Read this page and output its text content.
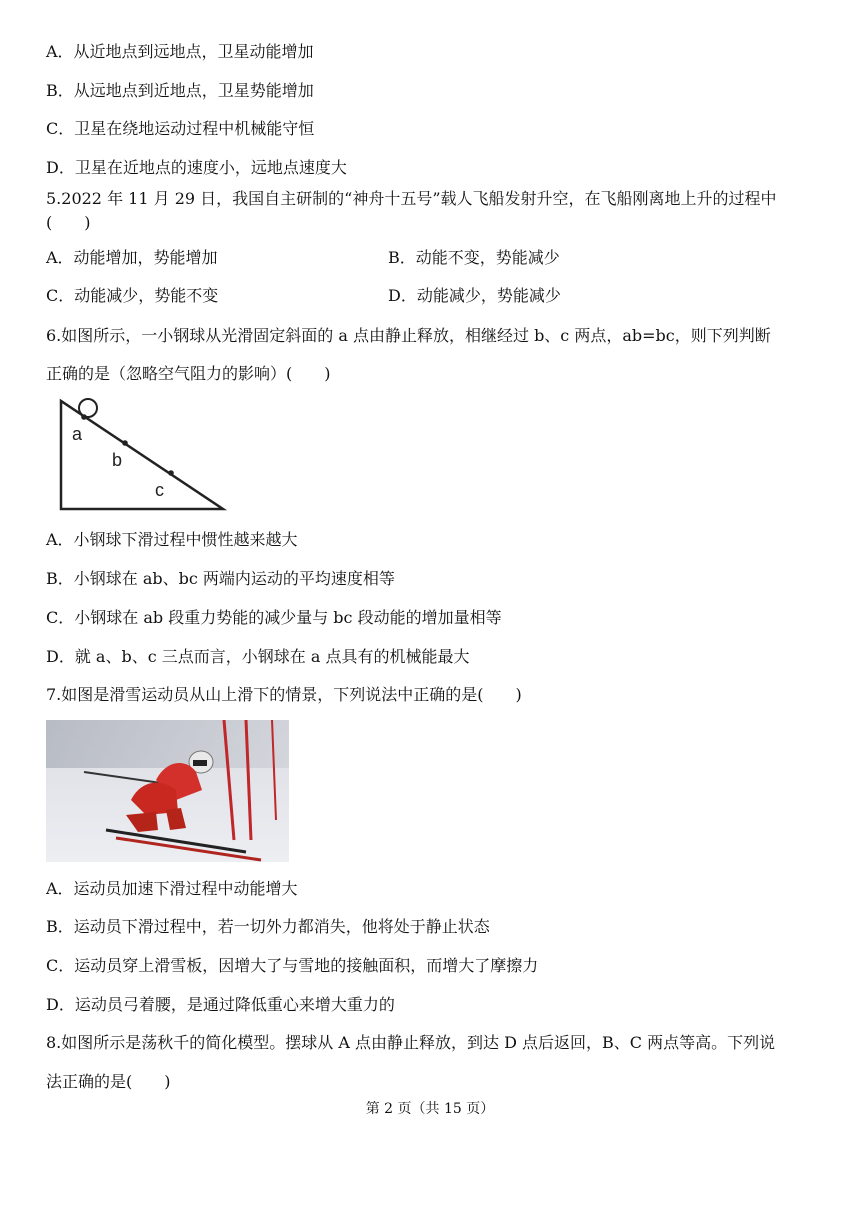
A．从近地点到远地点，卫星动能增加
B．从远地点到近地点，卫星势能增加
C．卫星在绕地运动过程中机械能守恒
D．卫星在近地点的速度小，远地点速度大
5.2022 年 11 月 29 日，我国自主研制的“神舟十五号”载人飞船发射升空，在飞船刚离地上升的过程中(　　)
A．动能增加，势能增加	B．动能不变，势能减少
C．动能减少，势能不变	D．动能减少，势能减少
6.如图所示，一小钢球从光滑固定斜面的 a 点由静止释放，相继经过 b、c 两点，ab=bc，则下列判断
正确的是（忽略空气阻力的影响）(　　)
a
b
c
A．小钢球下滑过程中惯性越来越大
B．小钢球在 ab、bc 两端内运动的平均速度相等
C．小钢球在 ab 段重力势能的减少量与 bc 段动能的增加量相等
D．就 a、b、c 三点而言，小钢球在 a 点具有的机械能最大
7.如图是滑雪运动员从山上滑下的情景，下列说法中正确的是(　　)
A．运动员加速下滑过程中动能增大
B．运动员下滑过程中，若一切外力都消失，他将处于静止状态
C．运动员穿上滑雪板，因增大了与雪地的接触面积，而增大了摩擦力
D．运动员弓着腰，是通过降低重心来增大重力的
8.如图所示是荡秋千的简化模型。摆球从 A 点由静止释放，到达 D 点后返回，B、C 两点等高。下列说
法正确的是(　　)
第 2 页（共 15 页）
